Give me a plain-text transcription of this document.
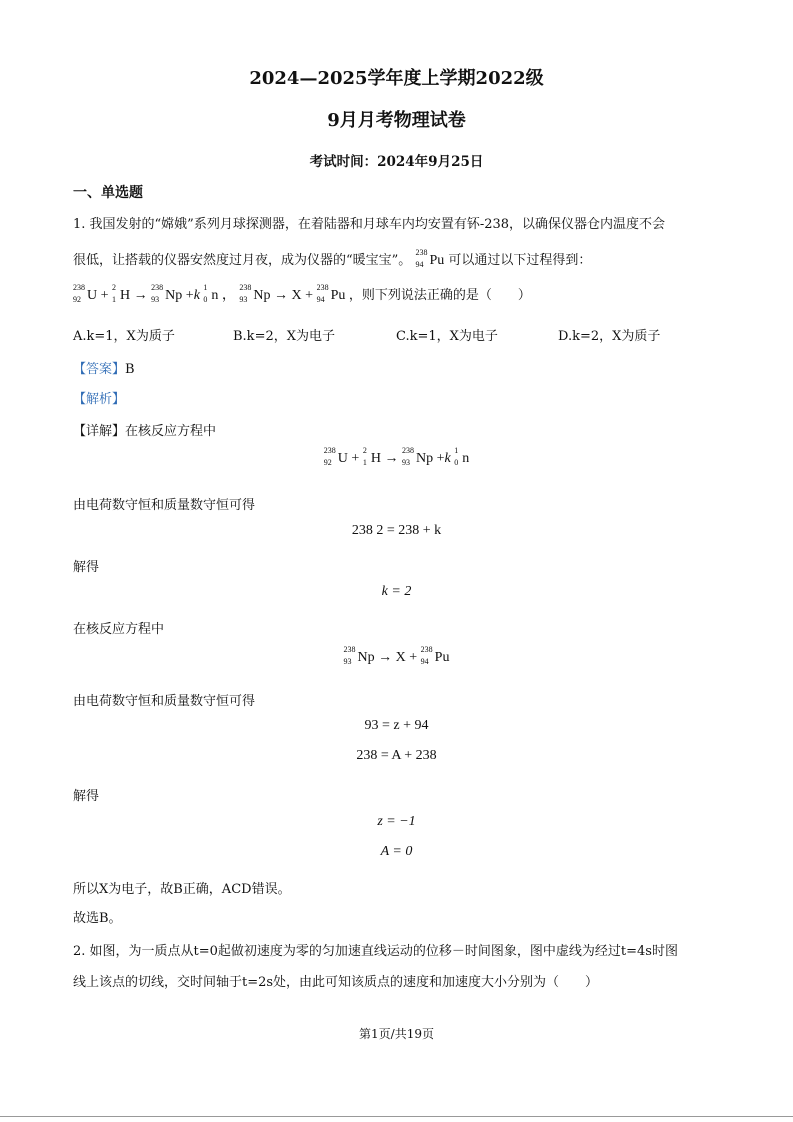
2024—2025学年度上学期2022级
9月月考物理试卷
考试时间：2024年9月25日
一、单选题
1. 我国发射的“嫦娥”系列月球探测器，在着陆器和月球车内均安置有钚-238，以确保仪器仓内温度不会
很低，让搭载的仪器安然度过月夜，成为仪器的“暖宝宝”。
238
94 Pu 可以通过以下过程得到：
238
92 U +
2
1 H →
238
93 Np +k
1
0 n ，
238
93 Np → X +
238
94 Pu ，则下列说法正确的是（　　）
A.k=1，X为质子	B.k=2，X为电子	C.k=1，X为电子	D.k=2，X为质子
【答案】B
【解析】
【详解】在核反应方程中
238
92 U +
2
1 H →
238
93 Np +k
1
0 n
由电荷数守恒和质量数守恒可得
238 2 = 238 + k
解得
k = 2
在核反应方程中
238
93 Np → X +
238
94 Pu
由电荷数守恒和质量数守恒可得
93 = z + 94
238 = A + 238
解得
z = −1
A = 0
所以X为电子，故B正确，ACD错误。
故选B。
2. 如图，为一质点从t=0起做初速度为零的匀加速直线运动的位移－时间图象，图中虚线为经过t=4s时图
线上该点的切线，交时间轴于t=2s处，由此可知该质点的速度和加速度大小分别为（　　）
第1页/共19页
